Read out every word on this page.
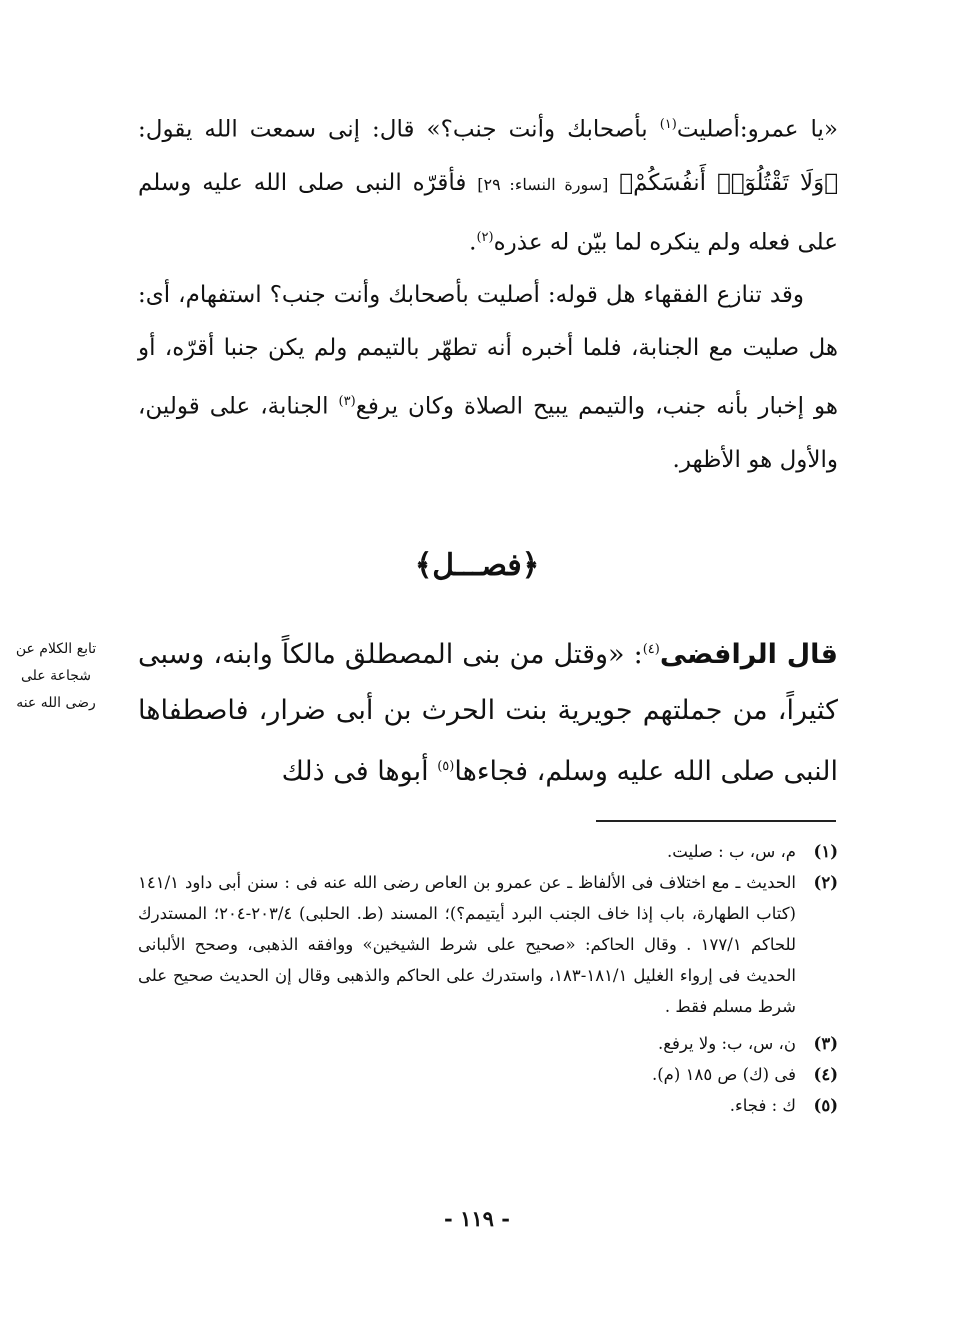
«يا عمرو:أصليت$^{(١)}$ بأصحابك وأنت جنب؟» قال: إنى سمعت الله يقول: ﴿وَلَا تَقْتُلُوٓا۟ أَنفُسَكُمْ﴾ [سورة النساء: ٢٩] فأقرّه النبى صلى الله عليه وسلم على فعله ولم ينكره لما بيّن له عذره$^{(٢)}$.

وقد تنازع الفقهاء هل قوله: أصليت بأصحابك وأنت جنب؟ استفهام، أى: هل صليت مع الجنابة، فلما أخبره أنه تطهّر بالتيمم ولم يكن جنبا أقرّه، أو هو إخبار بأنه جنب، والتيمم يبيح الصلاة وكان يرفع$^{(٣)}$ الجنابة، على قولين، والأول هو الأظهر.

﴿فصـــل﴾
تابع الكلام عن
شجاعة على
رضى الله عنه

قال الرافضى$^{(٤)}$: «وقتل من بنى المصطلق مالكاً وابنه، وسبى كثيراً، من جملتهم جويرية بنت الحرث بن أبى ضرار، فاصطفاها النبى صلى الله عليه وسلم، فجاءها$^{(٥)}$ أبوها فى ذلك

(١)
م، س، ب : صليت.
(٢)
الحديث ـ مع اختلاف فى الألفاظ ـ عن عمرو بن العاص رضى الله عنه فى : سنن أبى داود ١٤١/١ (كتاب الطهارة، باب إذا خاف الجنب البرد أيتيمم؟)؛ المسند (ط. الحلبى) ٢٠٣/٤-٢٠٤؛ المستدرك للحاكم ١٧٧/١ . وقال الحاكم: «صحيح على شرط الشيخين» ووافقه الذهبى، وصحح الألبانى الحديث فى إرواء الغليل ١٨١/١-١٨٣، واستدرك على الحاكم والذهبى وقال إن الحديث صحيح على شرط مسلم فقط .
(٣)
ن، س، ب: ولا يرفع.
(٤)
فى (ك) ص ١٨٥ (م).
(٥)
ك : فجاء.
- ١١٩ -
